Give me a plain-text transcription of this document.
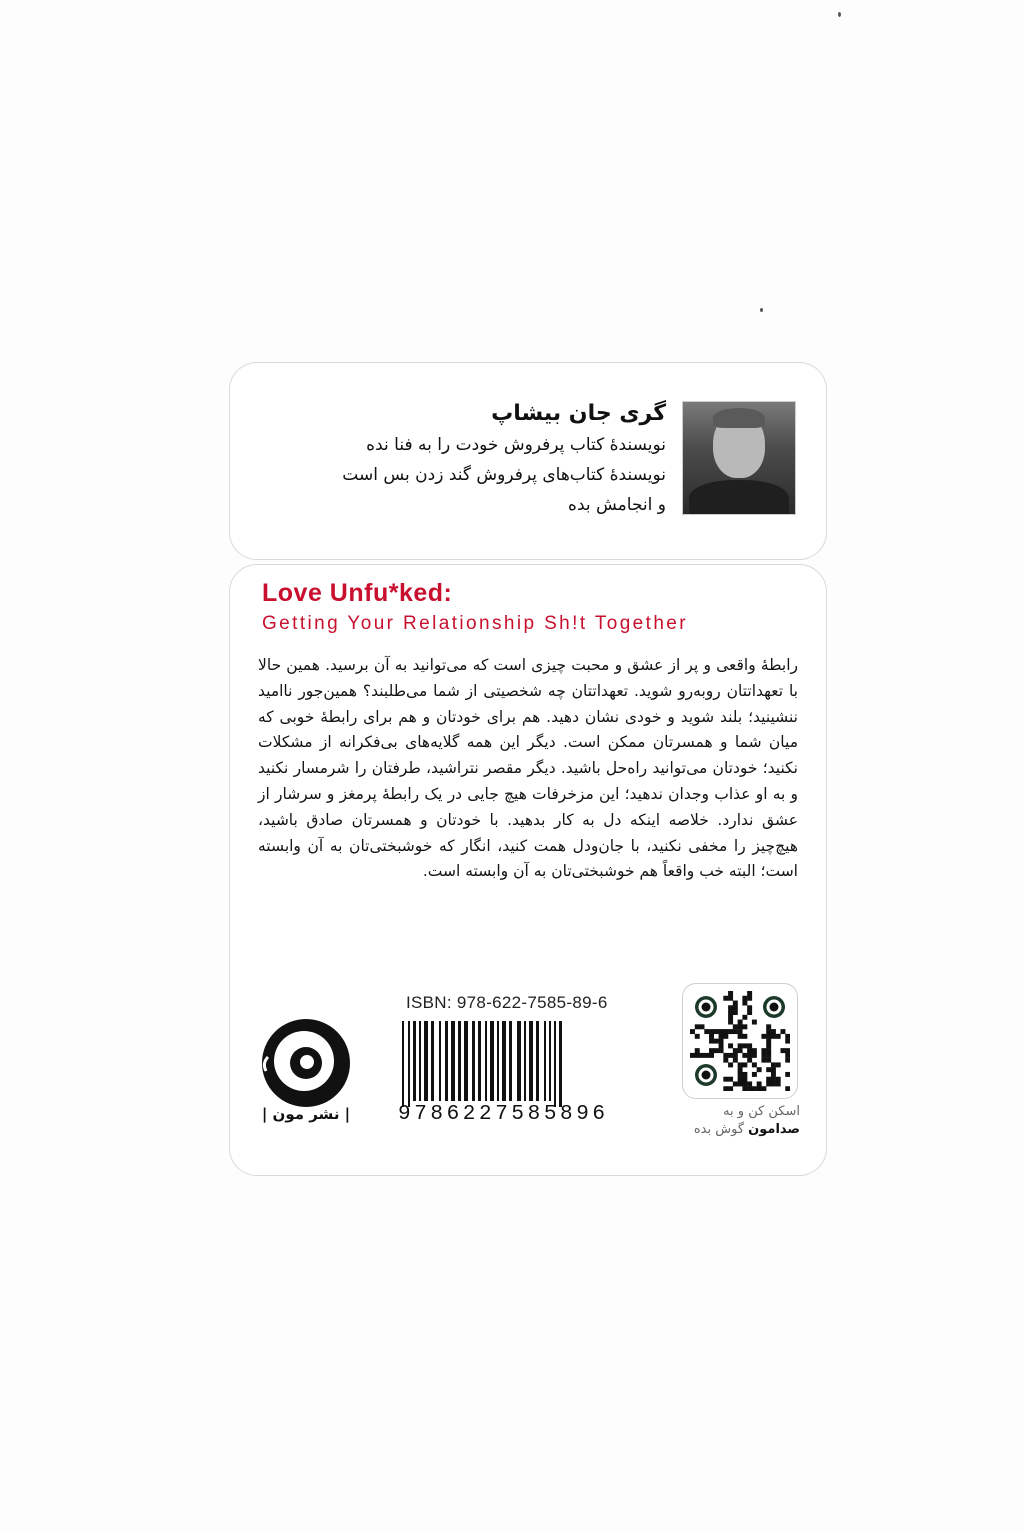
گری جان بیشاپ
نویسندۀ کتاب پرفروش خودت را به فنا نده
نویسندۀ کتاب‌های پرفروش گند زدن بس است
و انجامش بده
Love Unfu*ked:
Getting Your Relationship Sh!t Together

رابطۀ واقعی و پر از عشق و محبت چیزی است که می‌توانید به آن برسید. همین حالا با تعهداتتان روبه‌رو شوید. تعهداتتان چه شخصیتی از شما می‌طلبند؟ همین‌جور ناامید ننشینید؛ بلند شوید و خودی نشان دهید. هم برای خودتان و هم برای رابطۀ خوبی که میان شما و همسرتان ممکن است. دیگر این همه گلایه‌های بی‌فکرانه از مشکلات نکنید؛ خودتان می‌توانید راه‌حل باشید. دیگر مقصر نتراشید، طرفتان را شرمسار نکنید و به او عذاب وجدان ندهید؛ این مزخرفات هیچ جایی در یک رابطۀ پرمغز و سرشار از عشق ندارد. خلاصه اینکه دل به کار بدهید. با خودتان و همسرتان صادق باشید، هیچ‌چیز را مخفی نکنید، با جان‌ودل همت کنید، انگار که خوشبختی‌تان به آن وابسته است؛ البته خب واقعاً هم خوشبختی‌تان به آن وابسته است.

| نشر مون |
ISBN: 978-622-7585-89-6
9786227585896	اسکن کن و به
صدامون گوش بده
